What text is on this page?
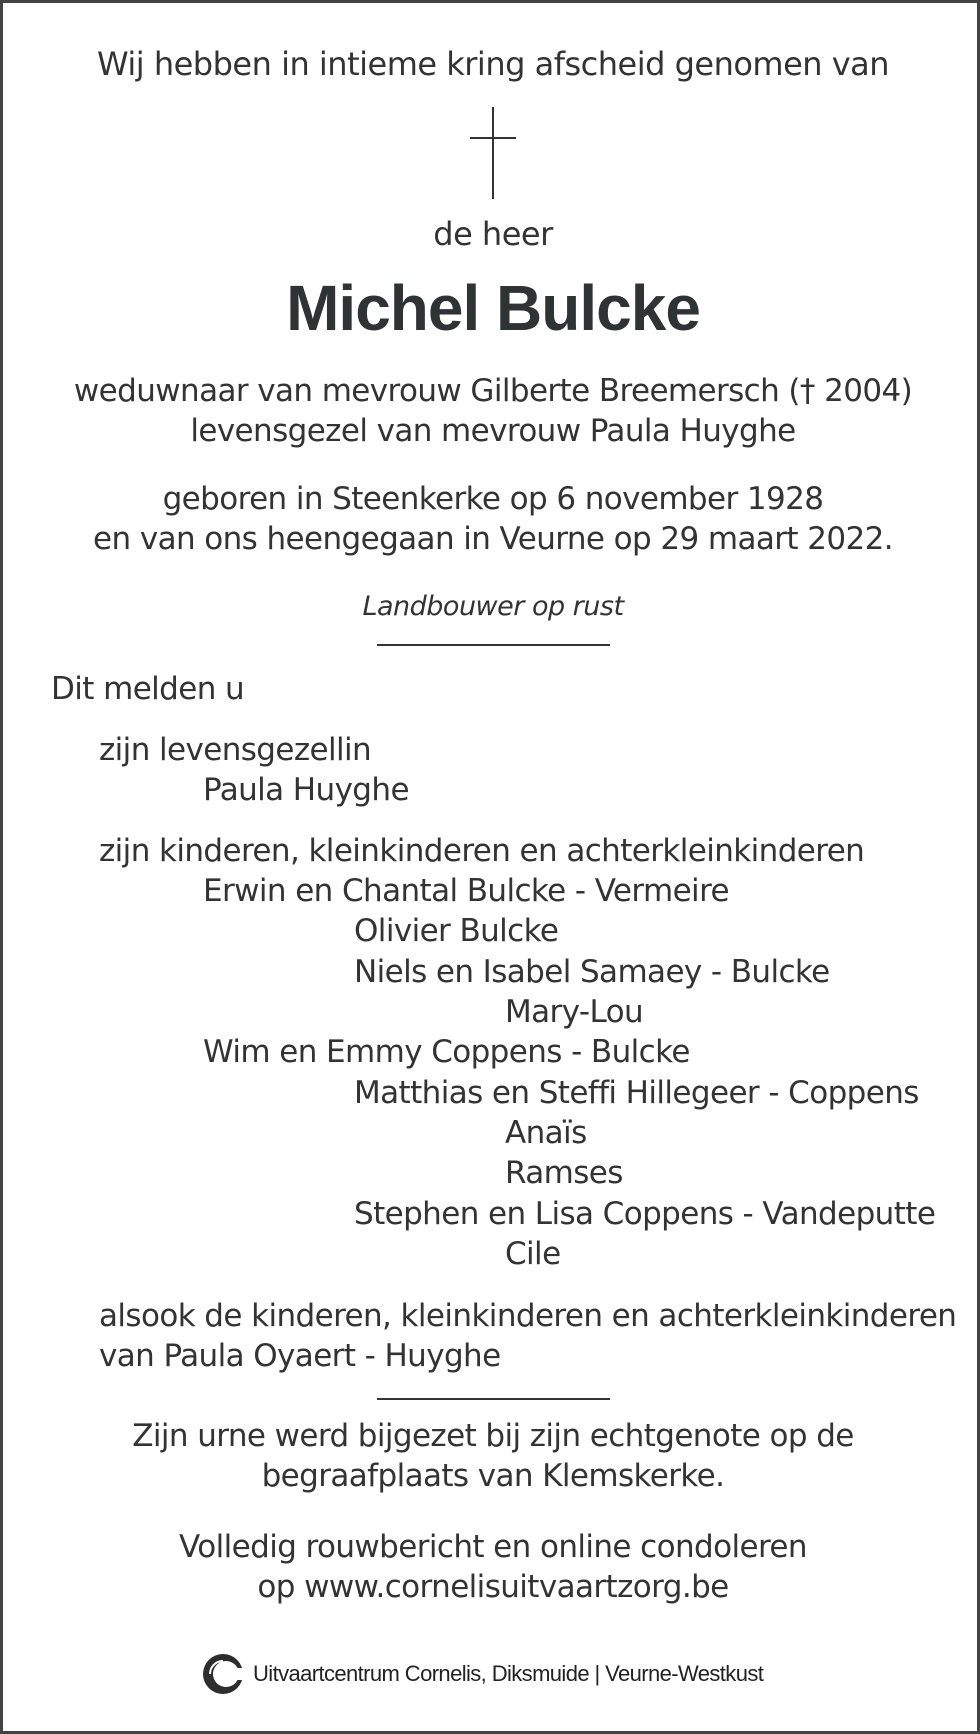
Wij hebben in intieme kring afscheid genomen van
de heer
Michel Bulcke
weduwnaar van mevrouw Gilberte Breemersch († 2004)
levensgezel van mevrouw Paula Huyghe
geboren in Steenkerke op 6 november 1928
en van ons heengegaan in Veurne op 29 maart 2022.
Landbouwer op rust
Dit melden u
zijn levensgezellin
Paula Huyghe
zijn kinderen, kleinkinderen en achterkleinkinderen
Erwin en Chantal Bulcke - Vermeire
Olivier Bulcke
Niels en Isabel Samaey - Bulcke
Mary-Lou
Wim en Emmy Coppens - Bulcke
Matthias en Steffi Hillegeer - Coppens
Anaïs
Ramses
Stephen en Lisa Coppens - Vandeputte
Cile
alsook de kinderen, kleinkinderen en achterkleinkinderen
van Paula Oyaert - Huyghe
Zijn urne werd bijgezet bij zijn echtgenote op de
begraafplaats van Klemskerke.
Volledig rouwbericht en online condoleren
op www.cornelisuitvaartzorg.be
Uitvaartcentrum Cornelis, Diksmuide | Veurne-Westkust
